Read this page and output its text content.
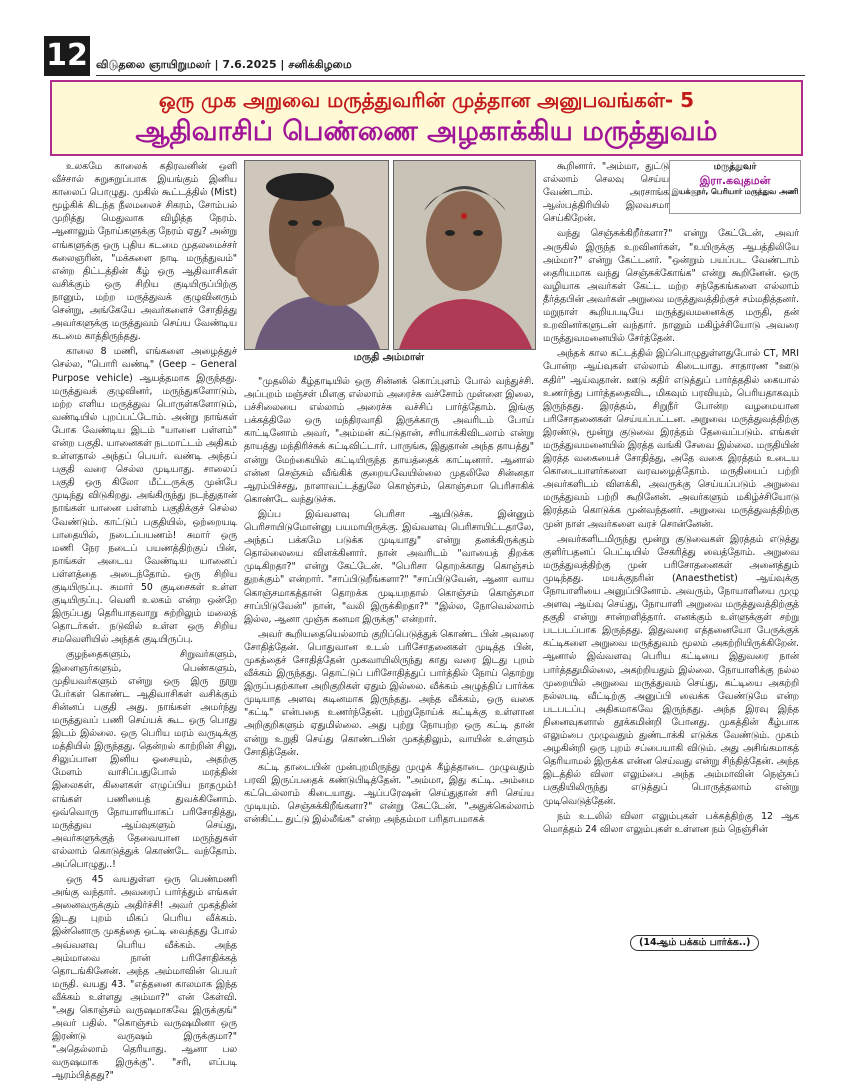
12 விடுதலை ஞாயிறுமலர் | 7.6.2025 | சனிக்கிழமை
ஒரு முக அறுவை மருத்துவரின் முத்தான அனுபவங்கள்- 5
ஆதிவாசிப் பெண்ணை அழகாக்கிய மருத்துவம்

உலகமே காலைக் கதிரவனின் ஒளி வீச்சால் சுறுசுறுப்பாக இயங்கும் இனிய காலைப் பொழுது. முகில் கூட்டத்தில் (Mist) மூழ்கிக் கிடந்த நீலமலைச் சிகரம், சோம்பல் முறித்து மெதுவாக விழித்த நேரம். ஆனாலும் நோய்களுக்கு நேரம் ஏது? அன்று எங்களுக்கு ஒரு புதிய கடமை முதலமைச்சர் கலைஞரின், "மக்களை நாடி மருத்துவம்" என்ற திட்டத்தின் கீழ் ஒரு ஆதிவாசிகள் வசிக்கும் ஒரு சிறிய குடியிருப்பிற்கு நானும், மற்ற மருத்துவக் குழுவினரும் சென்று, அங்கேயே அவர்களைச் சோதித்து அவர்களுக்கு மருத்துவம் செய்ய வேண்டிய கடமை காத்திருந்தது.

காலை 8 மணி, எங்களை அழைத்துச் செல்ல, "பொரி வண்டி" (Geep – General Purpose vehicle) ஆயத்தமாக இருந்தது. மருத்துவக் குழுவினர், மருந்துகளோடும், மற்ற எளிய மருத்துவ பொருள்களோடும், வண்டியில் புறப்பட்டோம். அன்று நாங்கள் போக வேண்டிய இடம் "யானை பள்ளம்" என்ற பகுதி. யானைகள் நடமாட்டம் அதிகம் உள்ளதால் அந்தப் பெயர். வண்டி அந்தப் பகுதி வரை செல்ல முடியாது. சாலைப் பகுதி ஒரு கிலோ மீட்டருக்கு முன்பே முடிந்து விடுகிறது. அங்கிருந்து நடந்துதான் நாங்கள் யானை பள்ளம் பகுதிக்குச் செல்ல வேண்டும். காட்டுப் பகுதியில், ஒற்றையடி பாதையில், நடைப்பயணம்! சுமார் ஒரு மணி நேர நடைப் பயணத்திற்குப் பின், நாங்கள் அடைய வேண்டிய யானைப் பள்ளத்தை அடைந்தோம். ஒரு சிறிய குடியிருப்பு. சுமார் 50 குடிசைகள் உள்ள குடியிருப்பு. வெளி உலகம் என்ற ஒன்றே இருப்பது தெரியாதவாறு சுற்றிலும் மலைத் தொடர்கள். நடுவில் உள்ள ஒரு சிறிய சமவெளியில் அந்தக் குடியிருப்பு.

குழந்தைகளும், சிறுவர்களும், இளைஞர்களும், பெண்களும், முதியவர்களும் என்று ஒரு இரு நூறு பேர்கள் கொண்ட ஆதிவாசிகள் வசிக்கும் சின்னப் பகுதி அது. நாங்கள் அமர்ந்து மருத்துவப் பணி செய்யக் கூட ஒரு பொது இடம் இல்லை. ஒரு பெரிய மரம் வருடிக்கு மத்தியில் இருந்தது. தென்றல் காற்றின் சிலு, சிலுப்பான இனிய ஓசையும், அதற்கு மேளம் வாசிப்பதுபோல் மரத்தின் இலைகள், கிளைகள் எழுப்பிய நாதமும்! எங்கள் பணியைத் துவக்கினோம். ஒவ்வொரு நோயாளியாகப் பரிசோதித்து, மருத்துவ ஆய்வுகளும் செய்து, அவர்களுக்குத் தேவையான மருந்துகள் எல்லாம் கொடுத்துக் கொண்டே வந்தோம். அப்பொழுது..!

ஒரு 45 வயதுள்ள ஒரு பெண்மணி அங்கு வந்தார். அவரைப் பார்த்தும் எங்கள் அனைவருக்கும் அதிர்ச்சி! அவர் முகத்தின் இடது புறம் மிகப் பெரிய வீக்கம். இன்னொரு முகத்தை ஒட்டி வைத்தது போல் அவ்வளவு பெரிய வீக்கம். அந்த அம்மாவை நான் பரிசோதிக்கத் தொடங்கினேன். அந்த அம்மாவின் பெயர் மருதி. வயது 43. "எத்தனை காலமாக இந்த வீக்கம் உள்ளது அம்மா?" என் கேள்வி. "அது கொஞ்சம் வருஷமாகவே இருக்குங்" அவர் பதில். "கொஞ்சம் வருஷமினா ஒரு இரண்டு வருஷம் இருக்குமா?" "அதெல்லாம் தெரியாது. ஆனா பல வருஷமாக இருக்கு". "சரி, எப்படி ஆரம்பித்தது?"

மருதி அம்மாள்

"முதலில் கீழ்தாடியில் ஒரு சின்னக் கொப்புளம் போல் வந்துச்சி. அப்புறம் மஞ்சள் மிளகு எல்லாம் அரைச்சு வச்சோம் முள்ளை இலை, பச்சிலையை எல்லாம் அரைச்சு வச்சிப் பார்த்தோம். இங்கு பக்கத்திலே ஒரு மந்திரவாதி இருக்காரு அவரிடம் போய் காட்டினோம் அவர், "அம்மன் கட்டுதான், சரியாக்கிவிடலாம் என்று தாயத்து மந்திரிச்சுக் கட்டிவிட்டார். பாருங்க, இதுதான் அந்த தாயத்து" என்று மேற்கையில் கட்டியிருந்த தாயத்தைக் காட்டினார். ஆனால் என்ன செஞ்சும் வீங்கிக் குறையவேயில்லை முதலிலே சின்னதா ஆரம்பிச்சது, நாளாவட்டத்துலே கொஞ்சம், கொஞ்சமா பெரிசாகிக் கொண்டே வந்துடுச்சு.

இப்ப இவ்வளவு பெரிசா ஆயிடுச்சு. இன்னும் பெரிசாயிடுமோன்னு பயமாயிருக்கு. இவ்வளவு பெரிசாயிட்டதாலே, அந்தப் பக்கமே படுக்க முடியாது" என்று தனக்கிருக்கும் தொல்லையை விளக்கினார். நான் அவரிடம் "வாயைத் திறக்க முடிகிறதா?" என்று கேட்டேன். "பெரிசா தொறக்காது கொஞ்சம் துறக்கும்" என்றார். "சாப்பிடுறீங்களா?" "சாப்பிடுவேன், ஆனா வாய கொஞ்சமாகத்தான் தொறக்க முடியறதால் கொஞ்சம் கொஞ்சமா சாப்பிடுவேன்" நான், "வலி இருக்கிறதா?" "இல்ல, நோவெல்லாம் இல்ல, ஆனா முஞ்சு கனமா இருக்கு" என்றார்.

அவர் கூறியதையெல்லாம் குறிப்பெடுத்துக் கொண்ட பின் அவரை சோதித்தேன். பொதுவான உடல் பரிசோதனைகள் முடித்த பின், முகத்தைச் சோதித்தேன் முகவாயிலிருந்து காது வரை இடது புறம் வீக்கம் இருந்தது. தொட்டுப் பரிசோதித்துப் பார்த்தில் நோய் தொற்று இருப்பதற்கான அறிகுறிகள் ஏதும் இல்லை. வீக்கம் அழுத்திப் பார்க்க முடியாத அளவு கடினமாக இருந்தது. அந்த வீக்கம், ஒரு வகை "கட்டி" என்பதை உணர்ந்தேன். புற்றுநோய்க் கட்டிக்கு உள்ளான அறிகுறிகளும் ஏதுமில்லை. அது புற்று நோயற்ற ஒரு கட்டி தான் என்று உறுதி செய்து கொண்டபின் முகத்திலும், வாயின் உள்ளும் சோதித்தேன்.

கட்டி தாடையின் முன்புறமிருந்து முழுக் கீழ்த்தாடை முழுவதும் பரவி இருப்பதைக் கண்டுபிடித்தேன். "அம்மா, இது கட்டி. அம்மை கட்டெல்லாம் கிடையாது. ஆப்பரேஷன் செய்துதான் சரி செய்ய முடியும். செஞ்சுக்கிறீங்களா?" என்று கேட்டேன். "அதுக்கெல்லாம் என்கிட்ட துட்டு இல்லீங்க" என்ற அந்தம்மா பரிதாபமாகக்

கூறினார். "அம்மா, துட்டு எல்லாம் செலவு செய்ய வேண்டாம். அரசாங்க ஆஸ்பத்திரியில் இலவசமா செய்கிறேன்.

வந்து செஞ்சுக்கிறீர்களா?" என்று கேட்டேன், அவர் அருகில் இருந்த உறவினர்கள், "உயிருக்கு ஆபத்திலியே அம்மா?" என்று கேட்டனர். "ஒன்றும் பயப்பட வேண்டாம் தைரியமாக வந்து செஞ்சுக்கோங்க" என்று கூறினேன். ஒரு வழியாக அவர்கள் கேட்ட மற்ற சந்தேகங்களை எல்லாம் தீர்த்தபின் அவர்கள் அறுவை மருத்துவத்திற்குச் சம்மதித்தனர். மறுநாள் கூறியபடியே மருத்துவமனைக்கு மருதி, தன் உறவினர்களுடன் வந்தார். நானும் மகிழ்ச்சியோடு அவரை மருத்துவமனையில் சேர்த்தேன்.

அந்தக் கால கட்டத்தில் இப்பொழுதுள்ளதுபோல் CT, MRI போன்ற ஆய்வுகள் எல்லாம் கிடையாது. சாதாரண "ஊடு கதிர்" ஆய்வுதான். ஊடு கதிர் எடுத்துப் பார்த்ததில் கையால் உணர்ந்து பார்த்ததைவிட, மிகவும் பரவியும், பெரியதாகவும் இருந்தது. இரத்தம், சிறுநீர் போன்ற வழமையான பரிசோதனைகள் செய்யப்பட்டன. அறுவை மருத்துவத்திற்கு இரண்டு, மூன்று குடுவை இரத்தம் தேவைப்படும். எங்கள் மருத்துவமனையில் இரத்த வங்கி சேவை இல்லை. மருதியின் இரத்த வகையைச் சோதித்து, அதே வகை இரத்தம் உடைய கொடையாளர்களை வரவழைத்தோம். மருதியைப் பற்றி அவர்களிடம் விளக்கி, அவருக்கு செய்யப்படும் அறுவை மருத்துவம் பற்றி கூறினேன். அவர்களும் மகிழ்ச்சியோடு இரத்தம் கொடுக்க முன்வந்தனர். அறுவை மருத்துவத்திற்கு முன் நாள் அவர்களை வரச் சொன்னேன்.

அவர்களிடமிருந்து மூன்று குடுவைகள் இரத்தம் எடுத்து குளிர்பதனப் பெட்டியில் சேகரித்து வைத்தோம். அறுவை மருத்துவத்திற்கு முன் பரிசோதனைகள் அனைத்தும் முடிந்தது. மயக்குநரின் (Anaesthetist) ஆய்வுக்கு நோயாளியை அனுப்பினோம். அவரும், நோயாளியை முழு அளவு ஆய்வு செய்து, நோயாளி அறுவை மருத்துவத்திற்குத் தகுதி என்று சான்றளித்தார். எனக்கும் உள்ளுக்குள் சற்று படபடப்பாக இருந்தது. இதுவரை எத்தனையோ பேருக்குக் கட்டிகளை அறுவை மருத்துவம் மூலம் அகற்றியிருக்கிறேன். ஆனால் இவ்வளவு பெரிய கட்டியை இதுவரை நான் பார்த்ததுமில்லை, அகற்றியதும் இல்லை. நோயாளிக்கு நல்ல முறையில் அறுவை மருத்துவம் செய்து, கட்டியை அகற்றி நல்லபடி வீட்டிற்கு அனுப்பி வைக்க வேண்டுமே என்ற படபடப்பு அதிகமாகவே இருந்தது. அந்த இரவு இந்த நினைவுகளால் தூக்கமின்றி போனது. முகத்தின் கீழ்பாக எலும்பை முழுவதும் துண்டாக்கி எடுக்க வேண்டும். முகம் அழகின்றி ஒரு புறம் சப்பையாகி விடும். அது அசிங்கமாகத் தெரியாமல் இருக்க என்ன செய்வது என்று சிந்தித்தேன். அந்த இடத்தில் விலா எலும்பை அந்த அம்மாவின் நெஞ்சுப் பகுதியிலிருந்து எடுத்துப் பொருத்தலாம் என்று முடிவெடுத்தேன்.

நம் உடலில் விலா எலும்புகள் பக்கத்திற்கு 12 ஆக மொத்தம் 24 விலா எலும்புகள் உள்ளன நம் நெஞ்சின்

மருத்துவர்
இரா.கவுதமன்
இயக்குநர், பெரியார் மருத்துவ அணி
(14ஆம் பக்கம் பார்க்க..)
